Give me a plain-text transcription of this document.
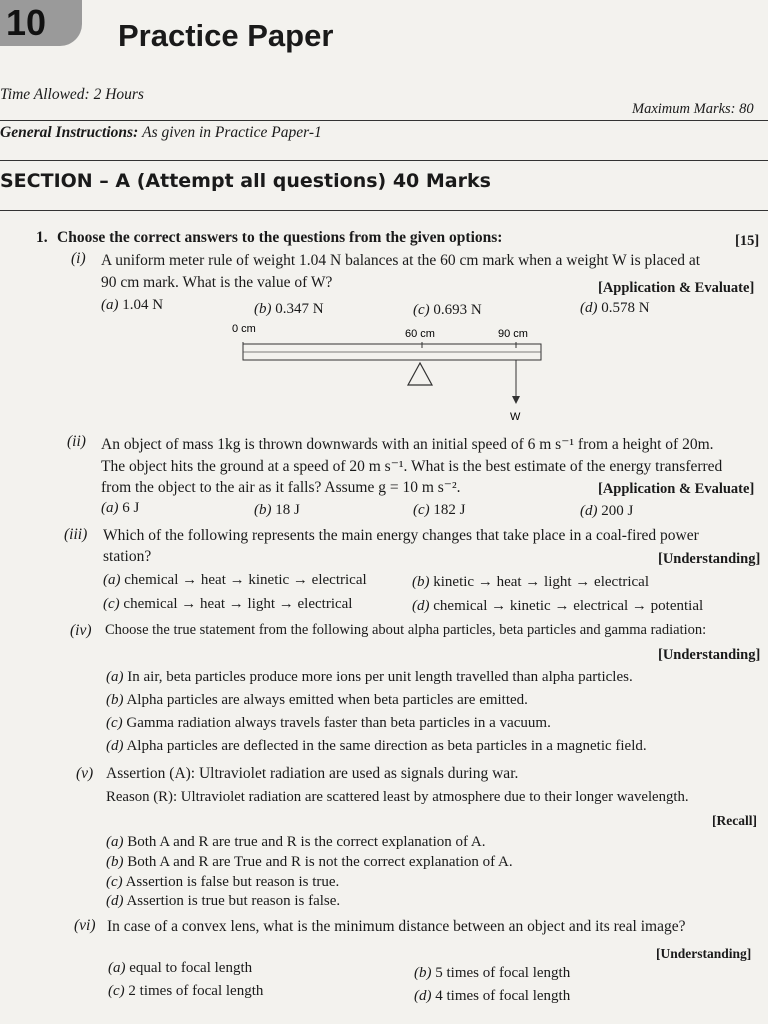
10 Practice Paper
Time Allowed: 2 Hours
Maximum Marks: 80
General Instructions: As given in Practice Paper-1
SECTION – A (Attempt all questions) 40 Marks
1. Choose the correct answers to the questions from the given options:	[15]
(i) A uniform meter rule of weight 1.04 N balances at the 60 cm mark when a weight W is placed at
90 cm mark. What is the value of W?	[Application & Evaluate]
(a) 1.04 N	(b) 0.347 N	(c) 0.693 N	(d) 0.578 N
0 cm	60 cm	90 cm
W
(ii) An object of mass 1kg is thrown downwards with an initial speed of 6 m s⁻¹ from a height of 20m.
The object hits the ground at a speed of 20 m s⁻¹. What is the best estimate of the energy transferred
from the object to the air as it falls? Assume g = 10 m s⁻².	[Application & Evaluate]
(a) 6 J	(b) 18 J	(c) 182 J	(d) 200 J
(iii) Which of the following represents the main energy changes that take place in a coal-fired power
station?	[Understanding]
(a) chemical → heat → kinetic → electrical	(b) kinetic → heat → light → electrical
(c) chemical → heat → light → electrical	(d) chemical → kinetic → electrical → potential
(iv) Choose the true statement from the following about alpha particles, beta particles and gamma radiation:
[Understanding]
(a) In air, beta particles produce more ions per unit length travelled than alpha particles.
(b) Alpha particles are always emitted when beta particles are emitted.
(c) Gamma radiation always travels faster than beta particles in a vacuum.
(d) Alpha particles are deflected in the same direction as beta particles in a magnetic field.
(v) Assertion (A): Ultraviolet radiation are used as signals during war.
Reason (R): Ultraviolet radiation are scattered least by atmosphere due to their longer wavelength.
[Recall]
(a) Both A and R are true and R is the correct explanation of A.
(b) Both A and R are True and R is not the correct explanation of A.
(c) Assertion is false but reason is true.
(d) Assertion is true but reason is false.
(vi) In case of a convex lens, what is the minimum distance between an object and its real image?
[Understanding]
(a) equal to focal length	(b) 5 times of focal length
(c) 2 times of focal length	(d) 4 times of focal length
